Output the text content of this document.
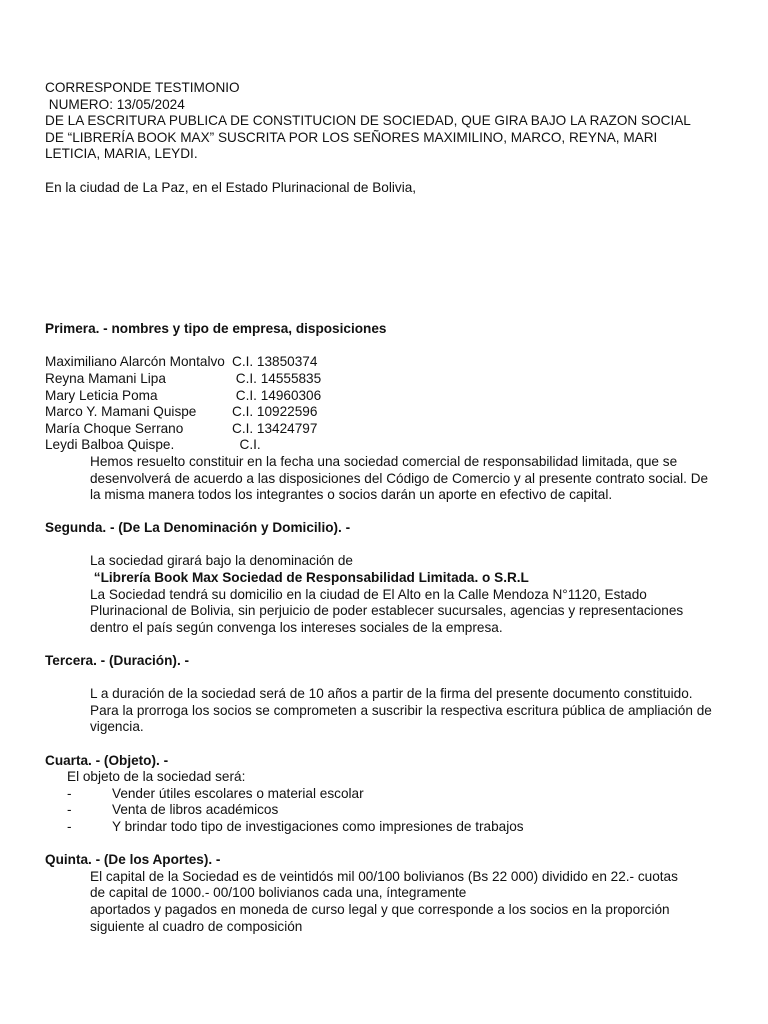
CORRESPONDE TESTIMONIO
NUMERO: 13/05/2024
DE LA ESCRITURA PUBLICA DE CONSTITUCION DE SOCIEDAD, QUE GIRA BAJO LA RAZON SOCIAL
DE “LIBRERÍA BOOK MAX” SUSCRITA POR LOS SEÑORES MAXIMILINO, MARCO, REYNA, MARI
LETICIA, MARIA, LEYDI.

En la ciudad de La Paz, en el Estado Plurinacional de Bolivia,

Primera. - nombres y tipo de empresa, disposiciones

Maximiliano Alarcón Montalvo C.I. 13850374
Reyna Mamani Lipa	C.I. 14555835
Mary Leticia Poma	C.I. 14960306
Marco Y. Mamani Quispe	C.I. 10922596
María Choque Serrano	C.I. 13424797
Leydi Balboa Quispe.	C.I.
Hemos resuelto constituir en la fecha una sociedad comercial de responsabilidad limitada, que se
desenvolverá de acuerdo a las disposiciones del Código de Comercio y al presente contrato social. De
la misma manera todos los integrantes o socios darán un aporte en efectivo de capital.

Segunda. - (De La Denominación y Domicilio). -

La sociedad girará bajo la denominación de
“Librería Book Max Sociedad de Responsabilidad Limitada. o S.R.L
La Sociedad tendrá su domicilio en la ciudad de El Alto en la Calle Mendoza N°1120, Estado
Plurinacional de Bolivia, sin perjuicio de poder establecer sucursales, agencias y representaciones
dentro el país según convenga los intereses sociales de la empresa.

Tercera. - (Duración). -

L a duración de la sociedad será de 10 años a partir de la firma del presente documento constituido.
Para la prorroga los socios se comprometen a suscribir la respectiva escritura pública de ampliación de
vigencia.

Cuarta. - (Objeto). -

El objeto de la sociedad será:

-	Vender útiles escolares o material escolar
-	Venta de libros académicos
-	Y brindar todo tipo de investigaciones como impresiones de trabajos

Quinta. - (De los Aportes). -

El capital de la Sociedad es de veintidós mil 00/100 bolivianos (Bs 22 000) dividido en 22.- cuotas
de capital de 1000.- 00/100 bolivianos cada una, íntegramente
aportados y pagados en moneda de curso legal y que corresponde a los socios en la proporción
siguiente al cuadro de composición
